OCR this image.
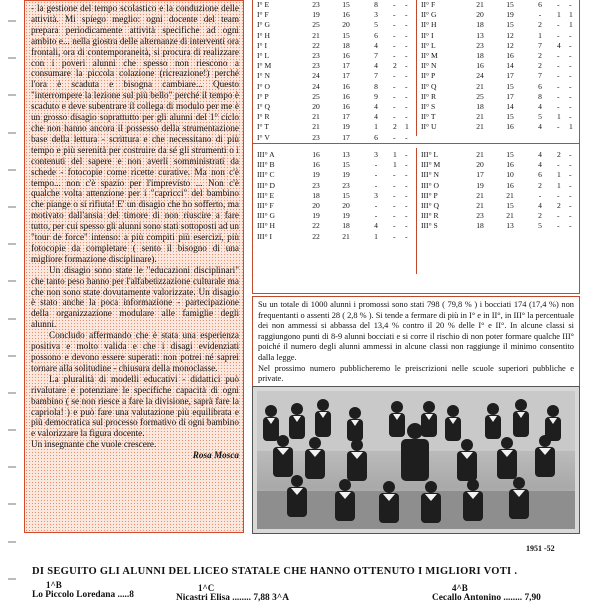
- la gestione del tempo scolastico e la conduzione delle attività. Mi spiego meglio: ogni docente del team prepara periodicamente attività specifiche ad ogni ambito e... nella giostra delle alternanze di interventi ora frontali, ora di contemporaneità, si procura di realizzare con i poveri alunni che spesso non riescono a consumare la piccola colazione (ricreazione!) perché l'ora è scaduta e bisogna cambiare... Questo "interrompere la lezione sul più bello" perché il tempo è scaduto e deve subentrare il collega di modulo per me è un grosso disagio soprattutto per gli alunni del 1° ciclo che non hanno ancora il possesso della strumentazione base della lettura - scrittura e che necessitano di più tempo e più serenità per costruire da sé gli strumenti o i contenuti del sapere e non averli somministrati da schede - fotocopie come ricette curative. Ma non c'è tempo... non c'è spazio per l'imprevisto ... Non c'è qualche volta attenzione per i "capricci" del bambino che piange o si rifiuta! E' un disagio che ho sofferto, ma motivato dall'ansia del timore di non riuscire a fare tutto, per cui spesso gli alunni sono stati sottoposti ad un "tour de force" intenso: a più compiti più esercizi, più fotocopie da completare ( sento il bisogno di una migliore formazione disciplinare).

Un disagio sono state le "educazioni disciplinari" che tanto peso hanno per l'alfabetizzazione culturale ma che non sono state dovutamente valorizzate. Un disagio è stato anche la poca informazione - partecipazione della organizzazione modulare alle famiglie degli alunni.

Concludo affermando che è stata una esperienza positiva e molto valida e che i disagi evidenziati possono e devono essere superati: non potrei né saprei tornare alla solitudine - chiusura della monoclasse.

La pluralità di modelli educativi - didattici può rivalutare e potenziare le specifiche capacità di ogni bambino ( se non riesce a fare la divisione, saprà fare la capriola! ) e può fare una valutazione più equilibrata e più democratica sul processo formativo di ogni bambino e valorizzare la figura docente.

Un insegnante che vuole crescere.

Rosa Mosca

I° E	23	15	8	-	-
I° F	19	16	3	-	-
I° G	25	20	5	-	-
I° H	21	15	6	-	-
I° I	22	18	4	-	-
I° L	23	16	7	-	-
I° M	23	17	4	2	-
I° N	24	17	7	-	-
I° O	24	16	8	-	-
I° P	25	16	9	-	-
I° Q	20	16	4	-	-
I° R	21	17	4	-	-
I° T	21	19	1	2	1
I° V	23	17	6	-	-
II° F	21	15	6	-	-
II° G	20	19	-	1	1
II° H	18	15	2	-	1
II° I	13	12	1	-	-
II° L	23	12	7	4	-
II° M	18	16	2	-	-
II° N	16	14	2	-	-
II° P	24	17	7	-	-
II° Q	21	15	6	-	-
II° R	25	17	8	-	-
II° S	18	14	4	-	-
II° T	21	15	5	1	-
II° U	21	16	4	-	1
III° A	16	13	3	1	-
III° B	16	15	-	1	-
III° C	19	19	-	-	-
III° D	23	23	-	-	-
III° E	18	15	3	-	-
III° F	20	20	-	-	-
III° G	19	19	-	-	-
III° H	22	18	4	-	-
III° I	22	21	1	-	-
III° L	21	15	4	2	-
III° M	20	16	4	-	-
III° N	17	10	6	1	-
III° O	19	16	2	1	-
III° P	21	21	-	-	-
III° Q	21	15	4	2	-
III° R	23	21	2	-	-
III° S	18	13	5	-	-

Su un totale di 1000 alunni i promossi sono stati 798 ( 79,8 % ) i bocciati 174 (17,4 %) non frequentanti o assenti 28 ( 2,8 % ). Si tende a fermare di più in I° e in II°, in III° la percentuale dei non ammessi si abbassa del 13,4 % contro il 20 % delle I° e II°. In alcune classi si raggiungono punti di 8-9 alunni bocciati e si corre il rischio di non poter formare qualche III° poiché il numero degli alunni ammessi in alcune classi non raggiunge il minimo consentito dalla legge.

Nel prossimo numero pubblicheremo le preiscrizioni nelle scuole superiori pubbliche e private.

1951 -52
DI SEGUITO GLI ALUNNI DEL LICEO STATALE CHE HANNO OTTENUTO I MIGLIORI VOTI .
1^B
Lo Piccolo Loredana .....8
1^C
Nicastri Elisa ........ 7,88 3^A
4^B
Cecallo Antonino ........ 7,90
